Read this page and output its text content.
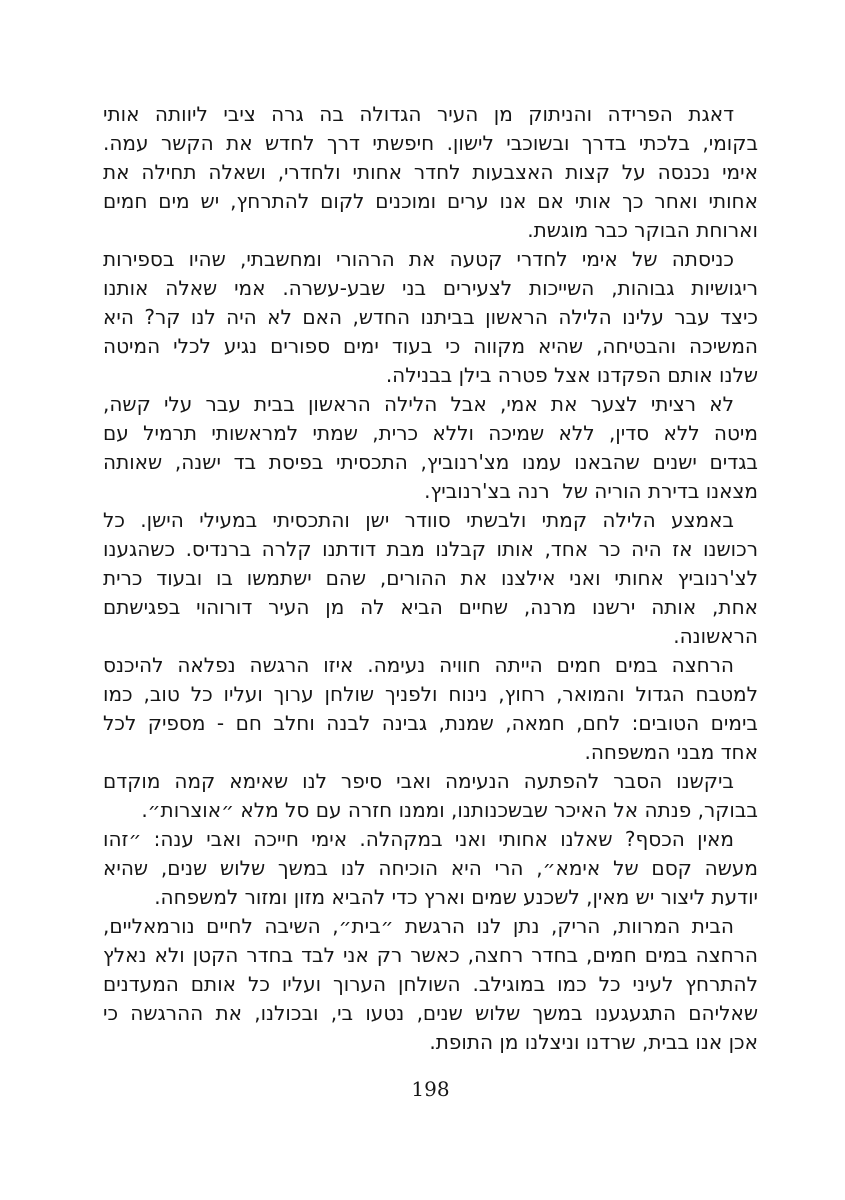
דאגת הפרידה והניתוק מן העיר הגדולה בה גרה ציבי ליוותה אותי
בקומי, בלכתי בדרך ובשוכבי לישון. חיפשתי דרך לחדש את הקשר עמה.
אימי נכנסה על קצות האצבעות לחדר אחותי ולחדרי, ושאלה תחילה את
אחותי ואחר כך אותי אם אנו ערים ומוכנים לקום להתרחץ, יש מים חמים
וארוחת הבוקר כבר מוגשת.
כניסתה של אימי לחדרי קטעה את הרהורי ומחשבתי, שהיו בספירות
ריגושיות גבוהות, השייכות לצעירים בני שבע-עשרה. אמי שאלה אותנו
כיצד עבר עלינו הלילה הראשון בביתנו החדש, האם לא היה לנו קר? היא
המשיכה והבטיחה, שהיא מקווה כי בעוד ימים ספורים נגיע לכלי המיטה
שלנו אותם הפקדנו אצל פטרה בילן בבנילה.
לא רציתי לצער את אמי, אבל הלילה הראשון בבית עבר עלי קשה,
מיטה ללא סדין, ללא שמיכה וללא כרית, שמתי למראשותי תרמיל עם
בגדים ישנים שהבאנו עמנו מצ'רנוביץ, התכסיתי בפיסת בד ישנה, שאותה
מצאנו בדירת הוריה של  רנה בצ'רנוביץ.
באמצע הלילה קמתי ולבשתי סוודר ישן והתכסיתי במעילי הישן. כל
רכושנו אז היה כר אחד, אותו קבלנו מבת דודתנו קלרה ברנדיס. כשהגענו
לצ'רנוביץ אחותי ואני אילצנו את ההורים, שהם ישתמשו בו ובעוד כרית
אחת, אותה ירשנו מרנה, שחיים הביא לה מן העיר דורוהוי בפגישתם
הראשונה.
הרחצה במים חמים הייתה חוויה נעימה. איזו הרגשה נפלאה להיכנס
למטבח הגדול והמואר, רחוץ, נינוח ולפניך שולחן ערוך ועליו כל טוב, כמו
בימים הטובים: לחם, חמאה, שמנת, גבינה לבנה וחלב חם - מספיק לכל
אחד מבני המשפחה.
ביקשנו הסבר להפתעה הנעימה ואבי סיפר לנו שאימא קמה מוקדם
בבוקר, פנתה אל האיכר שבשכנותנו, וממנו חזרה עם סל מלא ״אוצרות״.
מאין הכסף? שאלנו אחותי ואני במקהלה. אימי חייכה ואבי ענה: ״זהו
מעשה קסם של אימא״, הרי היא הוכיחה לנו במשך שלוש שנים, שהיא
יודעת ליצור יש מאין, לשכנע שמים וארץ כדי להביא מזון ומזור למשפחה.
הבית המרוות, הריק, נתן לנו הרגשת ״בית״, השיבה לחיים נורמאליים,
הרחצה במים חמים, בחדר רחצה, כאשר רק אני לבד בחדר הקטן ולא נאלץ
להתרחץ לעיני כל כמו במוגילב. השולחן הערוך ועליו כל אותם המעדנים
שאליהם התגעגענו במשך שלוש שנים, נטעו בי, ובכולנו, את ההרגשה כי
אכן אנו בבית, שרדנו וניצלנו מן התופת.
198
